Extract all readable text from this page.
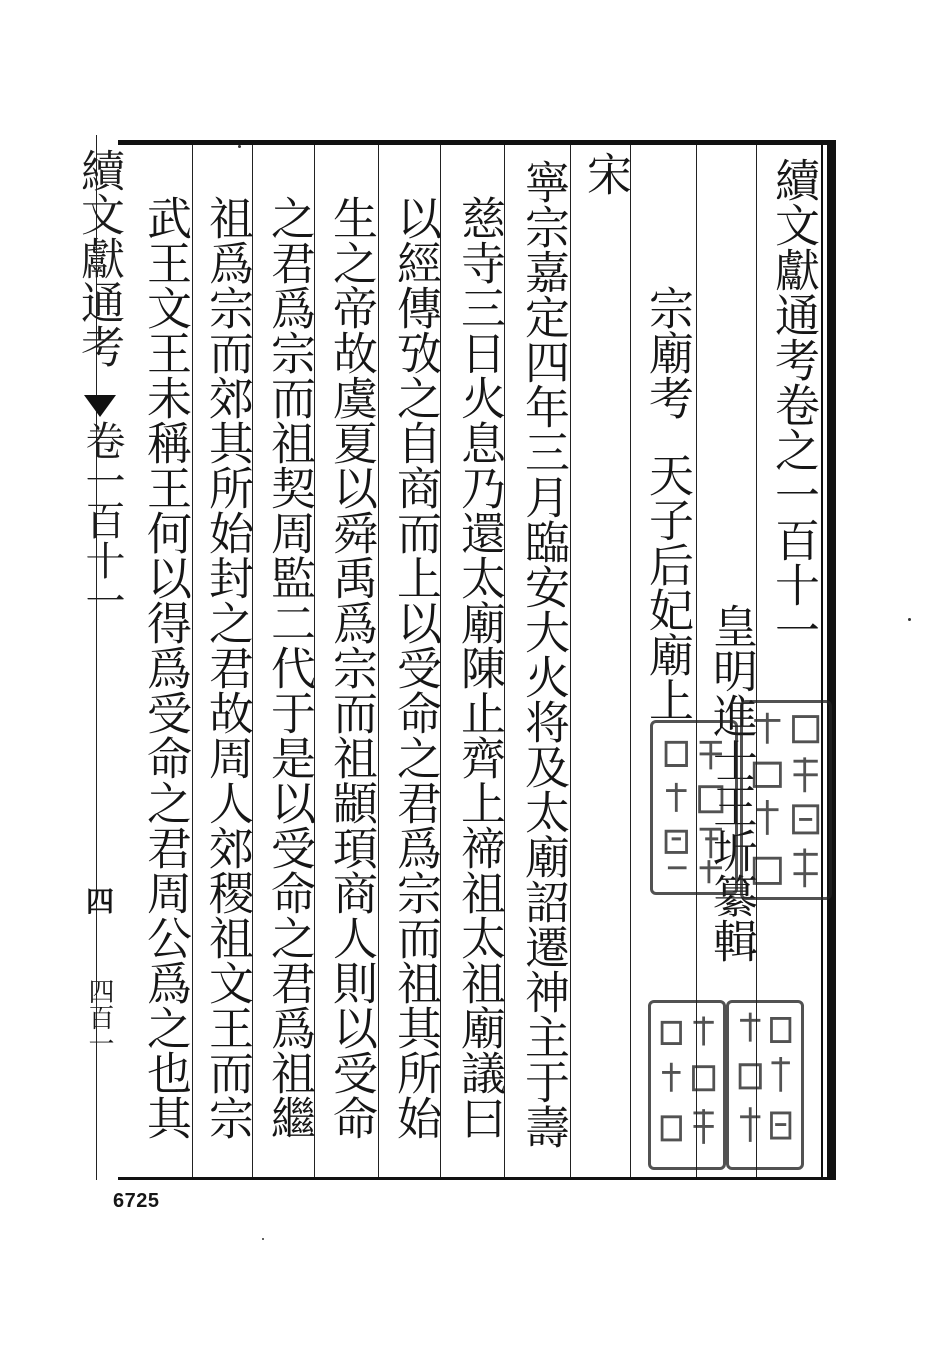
續文獻通考
卷一百十一
四
四百一
續文獻通考卷之一百十一
皇明進士王圻纂輯
宗廟考天子后妃廟上
宋
寧宗嘉定四年三月臨安大火将及太廟詔遷神主于壽
慈寺三日火息乃還太廟陳止齊上禘祖太祖廟議曰
以經傳攷之自商而上以受命之君爲宗而祖其所始
生之帝故虞夏以舜禹爲宗而祖顓頊商人則以受命
之君爲宗而祖契周監二代于是以受命之君爲祖繼
祖爲宗而郊其所始封之君故周人郊稷祖文王而宗
武王文王未稱王何以得爲受命之君周公爲之也其
6725
